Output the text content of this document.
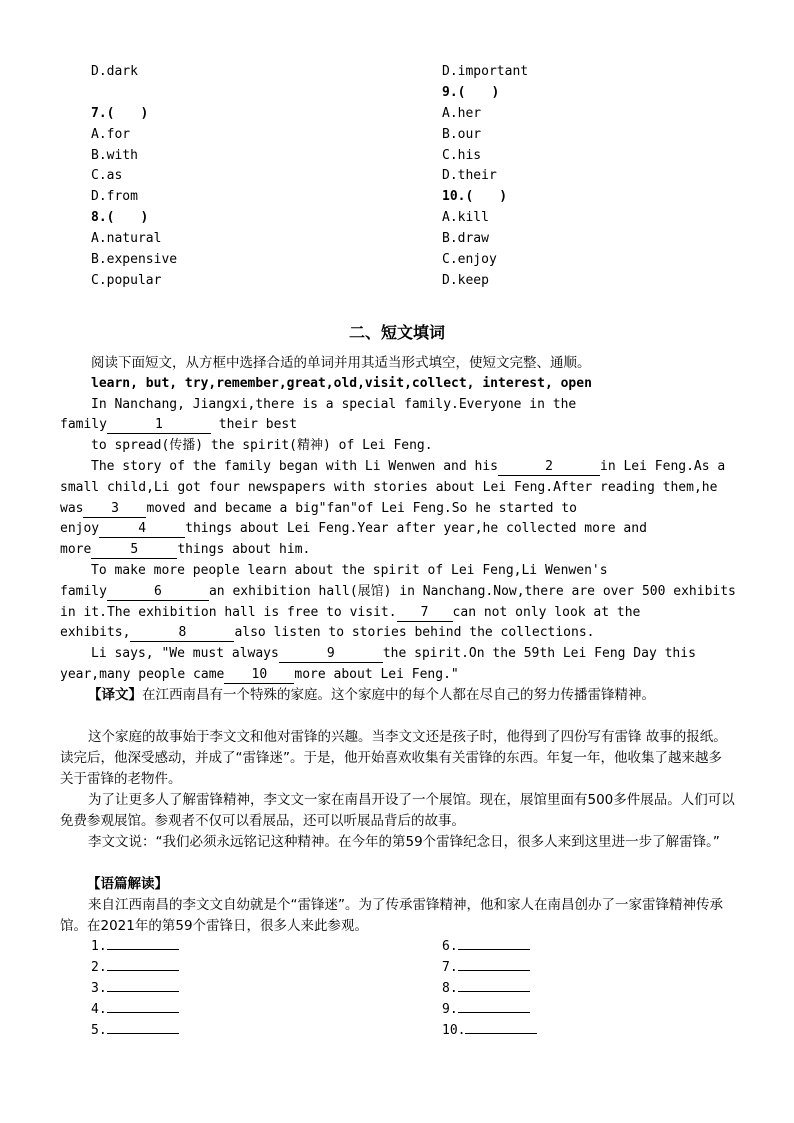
D.dark
7.(　　)
A.for
B.with
C.as
D.from
8.(　　)
A.natural
B.expensive
C.popular
D.important
9.(　　)
A.her
B.our
C.his
D.their
10.(　　)
A.kill
B.draw
C.enjoy
D.keep
二、短文填词
阅读下面短文，从方框中选择合适的单词并用其适当形式填空，使短文完整、通顺。
learn, but, try,remember,great,old,visit,collect, interest, open
In Nanchang, Jiangxi,there is a special family.Everyone in the
family	1	their best
to spread(传播) the spirit(精神) of Lei Feng.
The story of the family began with Li Wenwen and his	2	in Lei Feng.As a
small child,Li got four newspapers with stories about Lei Feng.After reading them,he
was 3 moved and became a big"fan"of Lei Feng.So he started to
enjoy	4	things about Lei Feng.Year after year,he collected more and
more	5	things about him.
To make more people learn about the spirit of Lei Feng,Li Wenwen's
family	6	an exhibition hall(展馆) in Nanchang.Now,there are over 500 exhibits
in it.The exhibition hall is free to visit. 7 can not only look at the
exhibits,	8	also listen to stories behind the collections.
Li says, "We must always	9	the spirit.On the 59th Lei Feng Day this
year,many people came 10 more about Lei Feng."
【译文】在江西南昌有一个特殊的家庭。这个家庭中的每个人都在尽自己的努力传播雷锋精神。
这个家庭的故事始于李文文和他对雷锋的兴趣。当李文文还是孩子时，他得到了四份写有雷锋 故事的报纸。读完后，他深受感动，并成了“雷锋迷”。于是，他开始喜欢收集有关雷锋的东西。年复一年，他收集了越来越多关于雷锋的老物件。
为了让更多人了解雷锋精神，李文文一家在南昌开设了一个展馆。现在，展馆里面有500多件展品。人们可以免费参观展馆。参观者不仅可以看展品，还可以听展品背后的故事。
李文文说：“我们必须永远铭记这种精神。在今年的第59个雷锋纪念日，很多人来到这里进一步了解雷锋。”
【语篇解读】
来自江西南昌的李文文自幼就是个“雷锋迷”。为了传承雷锋精神，他和家人在南昌创办了一家雷锋精神传承馆。在2021年的第59个雷锋日，很多人来此参观。
1.
2.
3.
4.
5.
6.
7.
8.
9.
10.
